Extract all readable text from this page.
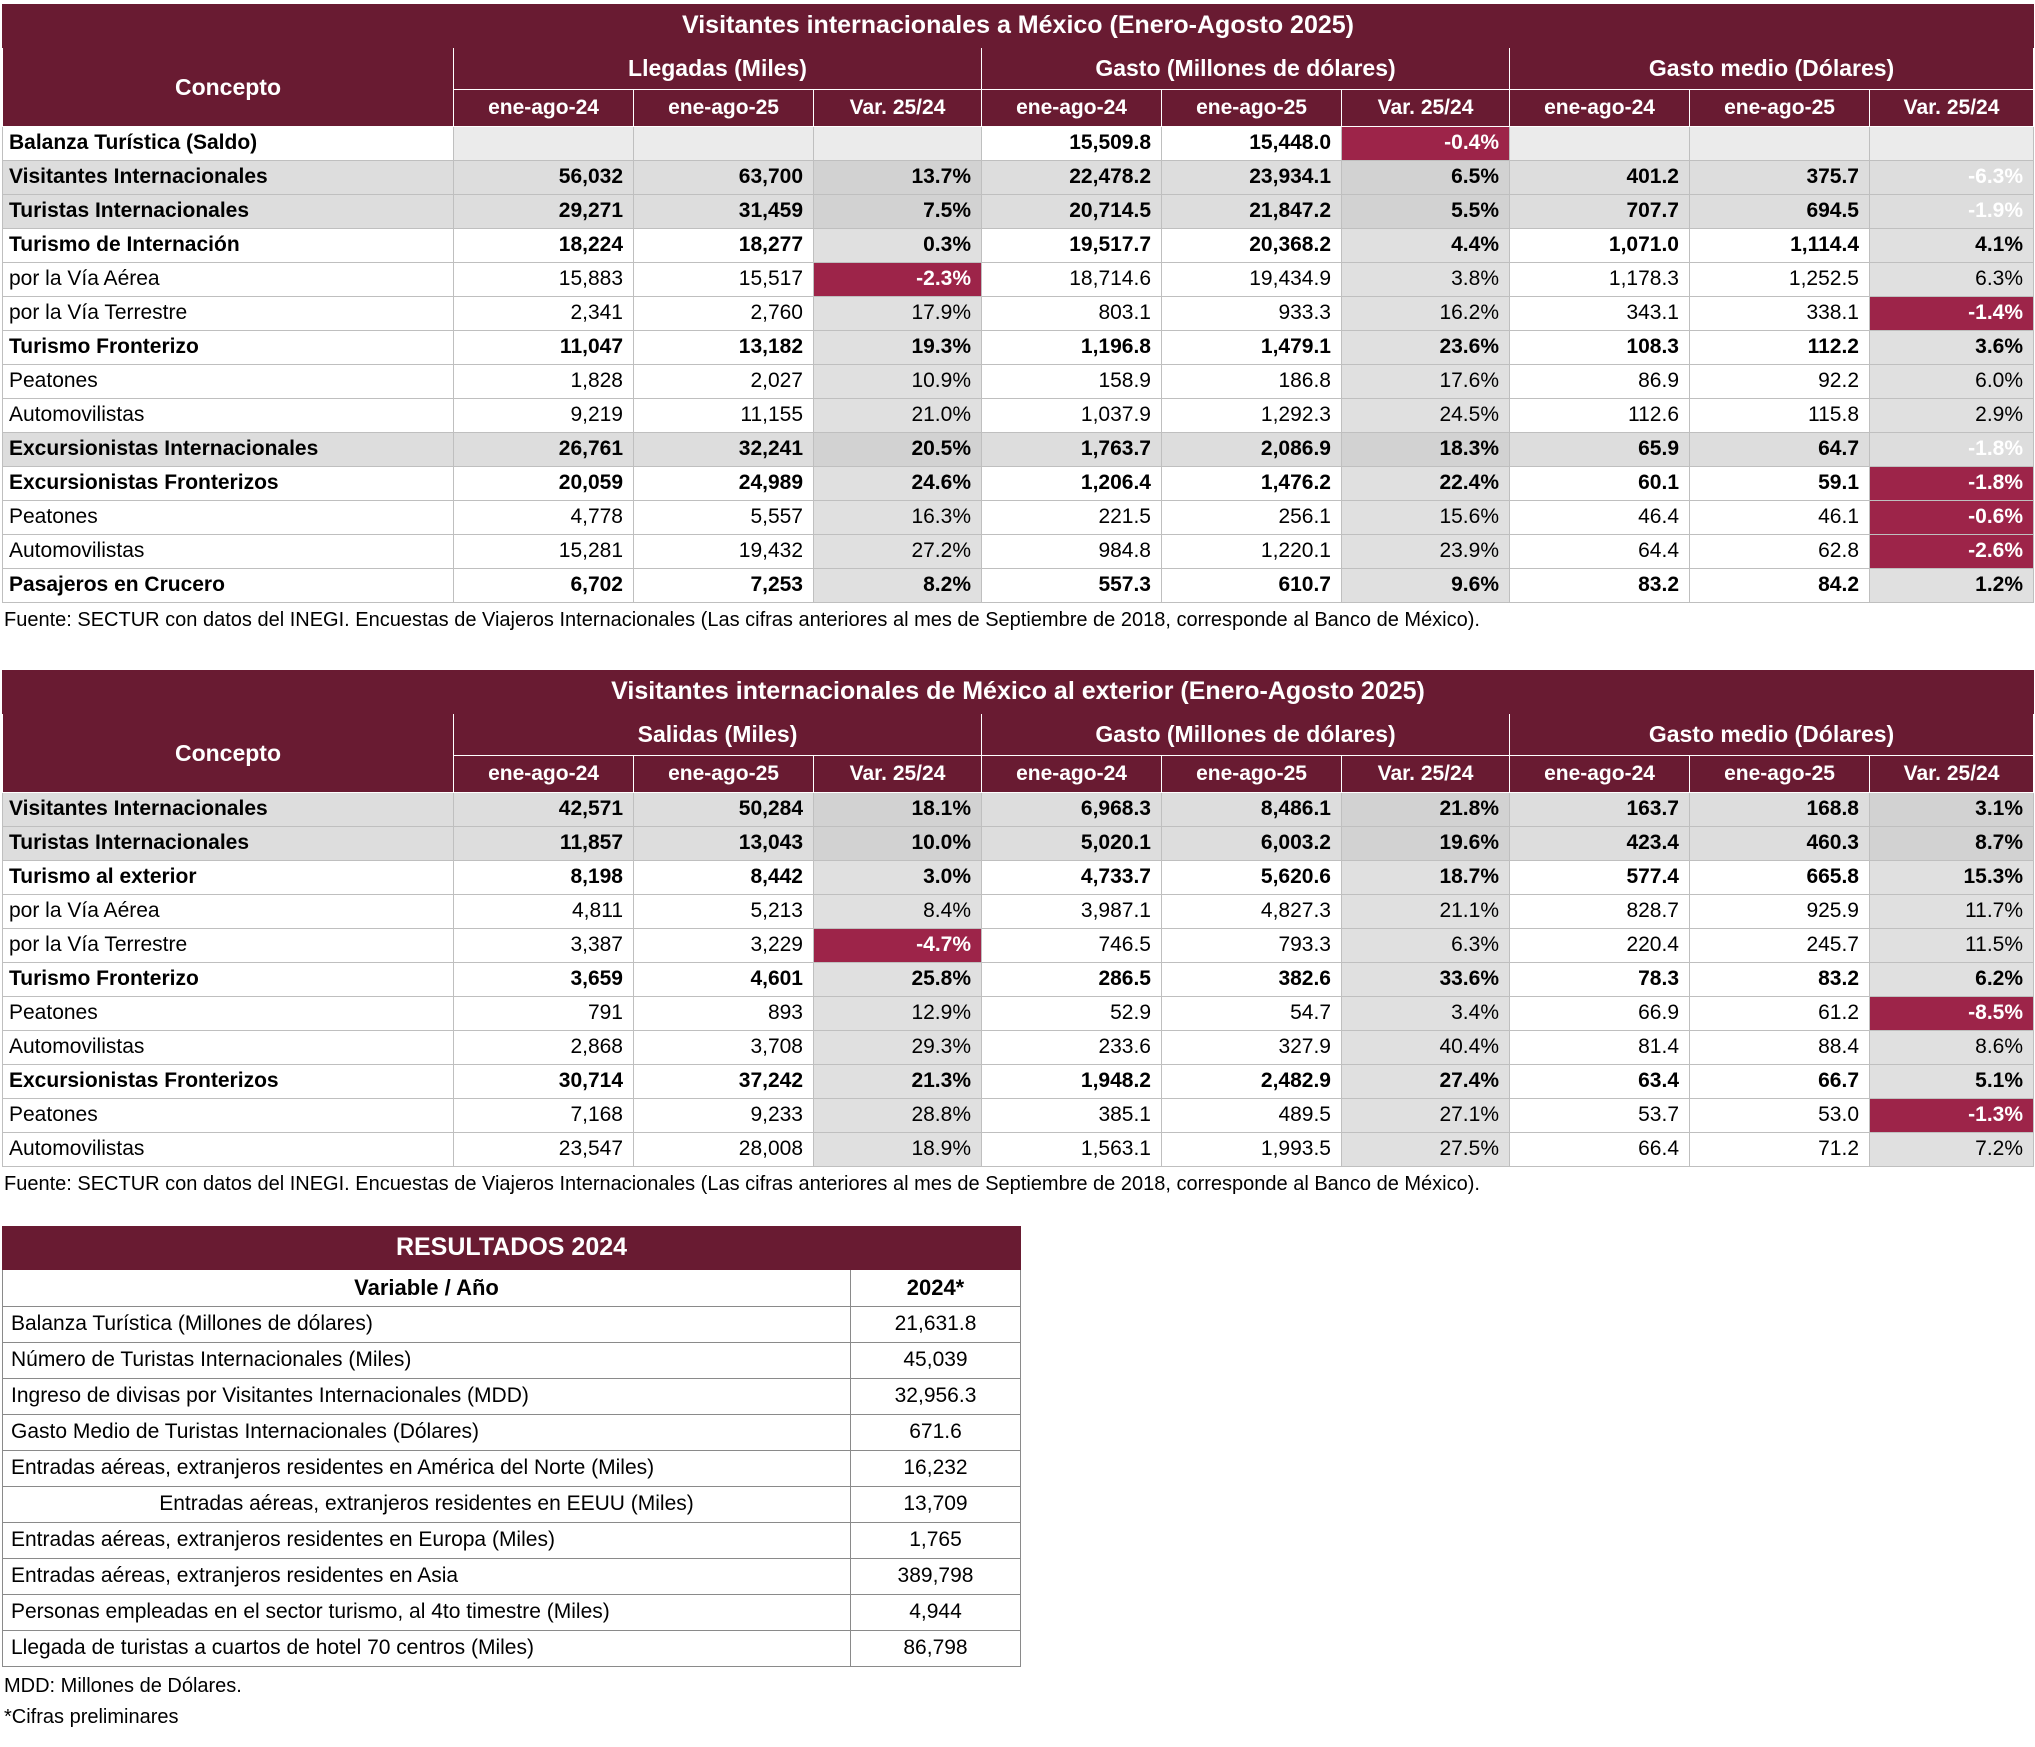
Visitantes internacionales a México (Enero-Agosto 2025)									
Concepto	Llegadas (Miles)			Gasto (Millones de dólares)			Gasto medio (Dólares)		
	ene-ago-24	ene-ago-25	Var. 25/24	ene-ago-24	ene-ago-25	Var. 25/24	ene-ago-24	ene-ago-25	Var. 25/24
Balanza Turística (Saldo)				15,509.8	15,448.0	-0.4%			
Visitantes Internacionales	56,032	63,700	13.7%	22,478.2	23,934.1	6.5%	401.2	375.7	-6.3%
Turistas Internacionales	29,271	31,459	7.5%	20,714.5	21,847.2	5.5%	707.7	694.5	-1.9%
Turismo de Internación	18,224	18,277	0.3%	19,517.7	20,368.2	4.4%	1,071.0	1,114.4	4.1%
por la Vía Aérea	15,883	15,517	-2.3%	18,714.6	19,434.9	3.8%	1,178.3	1,252.5	6.3%
por la Vía Terrestre	2,341	2,760	17.9%	803.1	933.3	16.2%	343.1	338.1	-1.4%
Turismo Fronterizo	11,047	13,182	19.3%	1,196.8	1,479.1	23.6%	108.3	112.2	3.6%
Peatones	1,828	2,027	10.9%	158.9	186.8	17.6%	86.9	92.2	6.0%
Automovilistas	9,219	11,155	21.0%	1,037.9	1,292.3	24.5%	112.6	115.8	2.9%
Excursionistas Internacionales	26,761	32,241	20.5%	1,763.7	2,086.9	18.3%	65.9	64.7	-1.8%
Excursionistas Fronterizos	20,059	24,989	24.6%	1,206.4	1,476.2	22.4%	60.1	59.1	-1.8%
Peatones	4,778	5,557	16.3%	221.5	256.1	15.6%	46.4	46.1	-0.6%
Automovilistas	15,281	19,432	27.2%	984.8	1,220.1	23.9%	64.4	62.8	-2.6%
Pasajeros en Crucero	6,702	7,253	8.2%	557.3	610.7	9.6%	83.2	84.2	1.2%
Fuente: SECTUR con datos del INEGI. Encuestas de Viajeros Internacionales (Las cifras anteriores al mes de Septiembre de 2018, corresponde al Banco de México).
Visitantes internacionales de México al exterior (Enero-Agosto 2025)									
Concepto	Salidas (Miles)			Gasto (Millones de dólares)			Gasto medio (Dólares)		
	ene-ago-24	ene-ago-25	Var. 25/24	ene-ago-24	ene-ago-25	Var. 25/24	ene-ago-24	ene-ago-25	Var. 25/24
Visitantes Internacionales	42,571	50,284	18.1%	6,968.3	8,486.1	21.8%	163.7	168.8	3.1%
Turistas Internacionales	11,857	13,043	10.0%	5,020.1	6,003.2	19.6%	423.4	460.3	8.7%
Turismo al exterior	8,198	8,442	3.0%	4,733.7	5,620.6	18.7%	577.4	665.8	15.3%
por la Vía Aérea	4,811	5,213	8.4%	3,987.1	4,827.3	21.1%	828.7	925.9	11.7%
por la Vía Terrestre	3,387	3,229	-4.7%	746.5	793.3	6.3%	220.4	245.7	11.5%
Turismo Fronterizo	3,659	4,601	25.8%	286.5	382.6	33.6%	78.3	83.2	6.2%
Peatones	791	893	12.9%	52.9	54.7	3.4%	66.9	61.2	-8.5%
Automovilistas	2,868	3,708	29.3%	233.6	327.9	40.4%	81.4	88.4	8.6%
Excursionistas Fronterizos	30,714	37,242	21.3%	1,948.2	2,482.9	27.4%	63.4	66.7	5.1%
Peatones	7,168	9,233	28.8%	385.1	489.5	27.1%	53.7	53.0	-1.3%
Automovilistas	23,547	28,008	18.9%	1,563.1	1,993.5	27.5%	66.4	71.2	7.2%
Fuente: SECTUR con datos del INEGI. Encuestas de Viajeros Internacionales (Las cifras anteriores al mes de Septiembre de 2018, corresponde al Banco de México).
RESULTADOS 2024	
Variable / Año	2024*
Balanza Turística (Millones de dólares)	21,631.8
Número de Turistas Internacionales (Miles)	45,039
Ingreso de divisas por Visitantes Internacionales (MDD)	32,956.3
Gasto Medio de Turistas Internacionales (Dólares)	671.6
Entradas aéreas, extranjeros residentes en América del Norte (Miles)	16,232
Entradas aéreas, extranjeros residentes en EEUU (Miles)	13,709
Entradas aéreas, extranjeros residentes en Europa (Miles)	1,765
Entradas aéreas, extranjeros residentes en Asia	389,798
Personas empleadas en el sector turismo, al 4to timestre (Miles)	4,944
Llegada de turistas a cuartos de hotel 70 centros (Miles)	86,798
MDD: Millones de Dólares.
*Cifras preliminares
